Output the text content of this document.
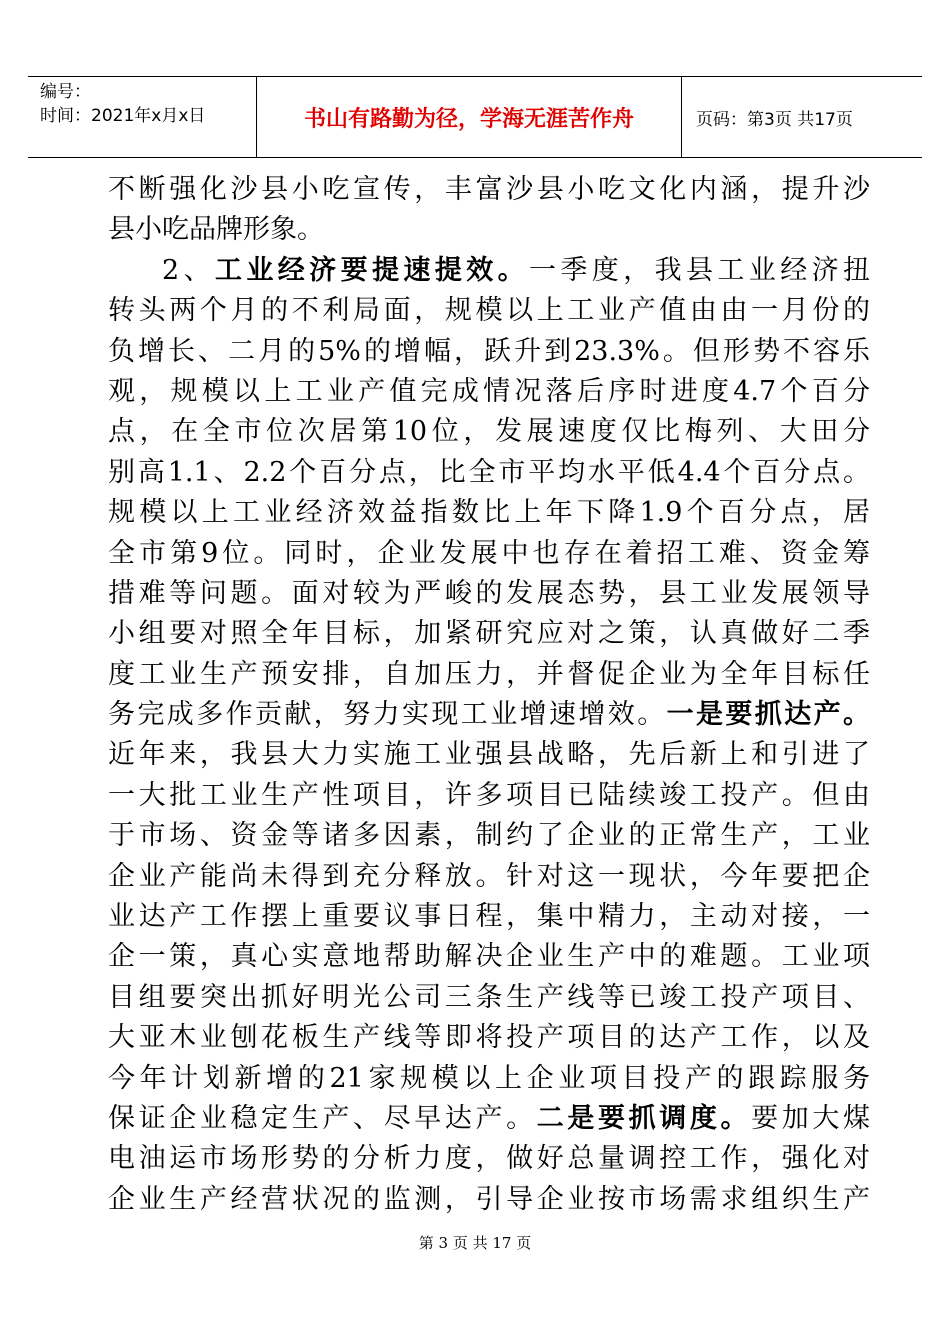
编号：
时间：2021年x月x日	书山有路勤为径，学海无涯苦作舟	页码：第3页 共17页
不断强化沙县小吃宣传，丰富沙县小吃文化内涵，提升沙
县小吃品牌形象。
2、工业经济要提速提效。一季度，我县工业经济扭
转头两个月的不利局面，规模以上工业产值由由一月份的
负增长、二月的5%的增幅，跃升到23.3%。但形势不容乐
观，规模以上工业产值完成情况落后序时进度4.7个百分
点，在全市位次居第10位，发展速度仅比梅列、大田分
别高1.1、2.2个百分点，比全市平均水平低4.4个百分点。
规模以上工业经济效益指数比上年下降1.9个百分点，居
全市第9位。同时，企业发展中也存在着招工难、资金筹
措难等问题。面对较为严峻的发展态势，县工业发展领导
小组要对照全年目标，加紧研究应对之策，认真做好二季
度工业生产预安排，自加压力，并督促企业为全年目标任
务完成多作贡献，努力实现工业增速增效。一是要抓达产。
近年来，我县大力实施工业强县战略，先后新上和引进了
一大批工业生产性项目，许多项目已陆续竣工投产。但由
于市场、资金等诸多因素，制约了企业的正常生产，工业
企业产能尚未得到充分释放。针对这一现状，今年要把企
业达产工作摆上重要议事日程，集中精力，主动对接，一
企一策，真心实意地帮助解决企业生产中的难题。工业项
目组要突出抓好明光公司三条生产线等已竣工投产项目、
大亚木业刨花板生产线等即将投产项目的达产工作，以及
今年计划新增的21家规模以上企业项目投产的跟踪服务
保证企业稳定生产、尽早达产。二是要抓调度。要加大煤
电油运市场形势的分析力度，做好总量调控工作，强化对
企业生产经营状况的监测，引导企业按市场需求组织生产
第 3 页 共 17 页
